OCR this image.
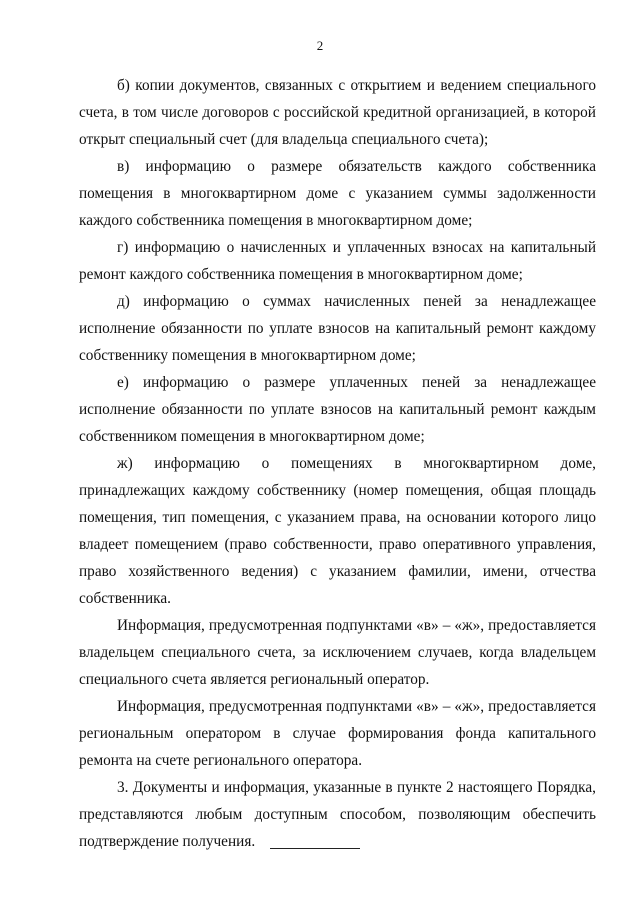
2

б) копии документов, связанных с открытием и ведением специального счета, в том числе договоров с российской кредитной организацией, в которой открыт специальный счет (для владельца специального счета);

в) информацию о размере обязательств каждого собственника помещения в многоквартирном доме с указанием суммы задолженности каждого собственника помещения в многоквартирном доме;

г) информацию о начисленных и уплаченных взносах на капитальный ремонт каждого собственника помещения в многоквартирном доме;

д) информацию о суммах начисленных пеней за ненадлежащее исполнение обязанности по уплате взносов на капитальный ремонт каждому собственнику помещения в многоквартирном доме;

е) информацию о размере уплаченных пеней за ненадлежащее исполнение обязанности по уплате взносов на капитальный ремонт каждым собственником помещения в многоквартирном доме;

ж) информацию о помещениях в многоквартирном доме, принадлежащих каждому собственнику (номер помещения, общая площадь помещения, тип помещения, с указанием права, на основании которого лицо владеет помещением (право собственности, право оперативного управления, право хозяйственного ведения) с указанием фамилии, имени, отчества собственника.

Информация, предусмотренная подпунктами «в» – «ж», предоставляется владельцем специального счета, за исключением случаев, когда владельцем специального счета является региональный оператор.

Информация, предусмотренная подпунктами «в» – «ж», предоставляется региональным оператором в случае формирования фонда капитального ремонта на счете регионального оператора.

3. Документы и информация, указанные в пункте 2 настоящего Порядка, представляются любым доступным способом, позволяющим обеспечить подтверждение получения.
